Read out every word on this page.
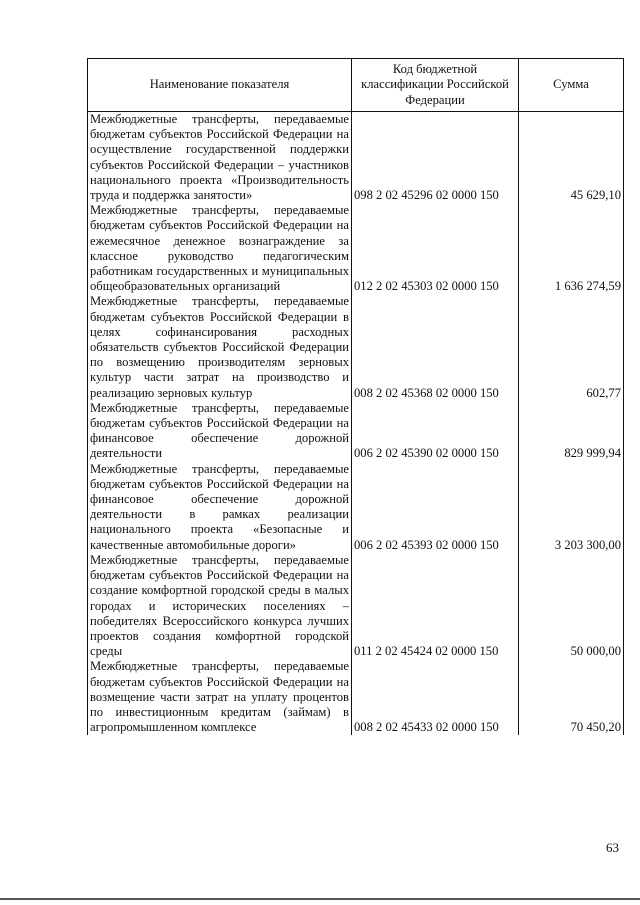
Наименование показателя	Код бюджетной классификации Российской Федерации	Сумма
Межбюджетные трансферты, передаваемые бюджетам субъектов Российской Федерации на осуществление государственной поддержки субъектов Российской Федерации – участников национального проекта «Производительность труда и поддержка занятости»	098 2 02 45296 02 0000 150	45 629,10
Межбюджетные трансферты, передаваемые бюджетам субъектов Российской Федерации на ежемесячное денежное вознаграждение за классное руководство педагогическим работникам государственных и муниципальных общеобразовательных организаций	012 2 02 45303 02 0000 150	1 636 274,59
Межбюджетные трансферты, передаваемые бюджетам субъектов Российской Федерации в целях софинансирования расходных обязательств субъектов Российской Федерации по возмещению производителям зерновых культур части затрат на производство и реализацию зерновых культур	008 2 02 45368 02 0000 150	602,77
Межбюджетные трансферты, передаваемые бюджетам субъектов Российской Федерации на финансовое обеспечение дорожной деятельности	006 2 02 45390 02 0000 150	829 999,94
Межбюджетные трансферты, передаваемые бюджетам субъектов Российской Федерации на финансовое обеспечение дорожной деятельности в рамках реализации национального проекта «Безопасные и качественные автомобильные дороги»	006 2 02 45393 02 0000 150	3 203 300,00
Межбюджетные трансферты, передаваемые бюджетам субъектов Российской Федерации на создание комфортной городской среды в малых городах и исторических поселениях – победителях Всероссийского конкурса лучших проектов создания комфортной городской среды	011 2 02 45424 02 0000 150	50 000,00
Межбюджетные трансферты, передаваемые бюджетам субъектов Российской Федерации на возмещение части затрат на уплату процентов по инвестиционным кредитам (займам) в агропромышленном комплексе	008 2 02 45433 02 0000 150	70 450,20
63
